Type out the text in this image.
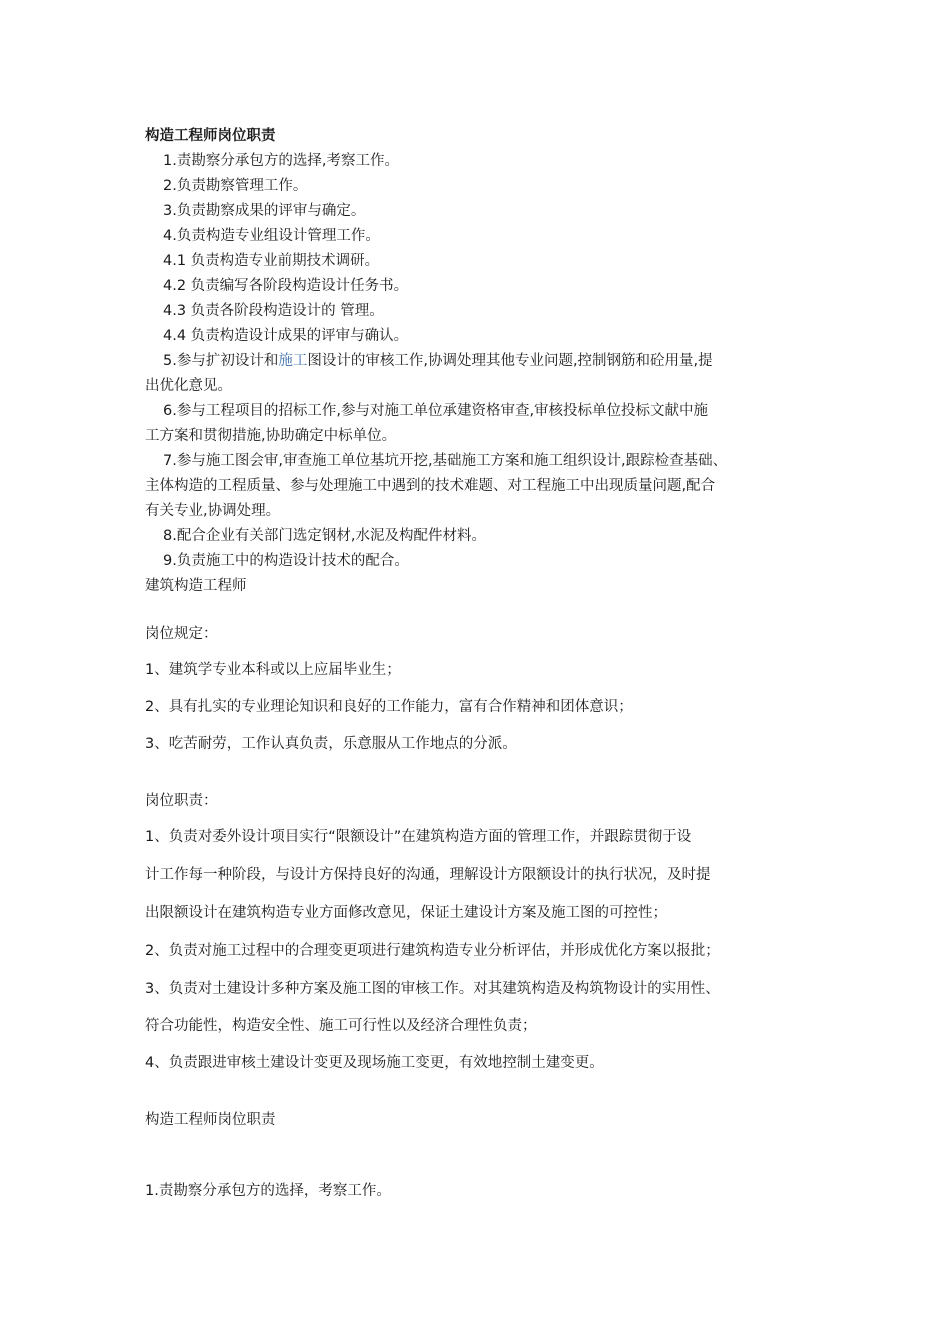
构造工程师岗位职责
1.责勘察分承包方的选择,考察工作。
2.负责勘察管理工作。
3.负责勘察成果的评审与确定。
4.负责构造专业组设计管理工作。
4.1 负责构造专业前期技术调研。
4.2 负责编写各阶段构造设计任务书。
4.3 负责各阶段构造设计的 管理。
4.4 负责构造设计成果的评审与确认。
5.参与扩初设计和施工图设计的审核工作,协调处理其他专业问题,控制钢筋和砼用量,提
出优化意见。
6.参与工程项目的招标工作,参与对施工单位承建资格审查,审核投标单位投标文献中施
工方案和贯彻措施,协助确定中标单位。
7.参与施工图会审,审查施工单位基坑开挖,基础施工方案和施工组织设计,跟踪检查基础、
主体构造的工程质量、参与处理施工中遇到的技术难题、对工程施工中出现质量问题,配合
有关专业,协调处理。
8.配合企业有关部门选定钢材,水泥及构配件材料。
9.负责施工中的构造设计技术的配合。
建筑构造工程师
岗位规定：
1、建筑学专业本科或以上应届毕业生；
2、具有扎实的专业理论知识和良好的工作能力，富有合作精神和团体意识；
3、吃苦耐劳，工作认真负责，乐意服从工作地点的分派。
岗位职责：
1、负责对委外设计项目实行“限额设计”在建筑构造方面的管理工作，并跟踪贯彻于设
计工作每一种阶段，与设计方保持良好的沟通，理解设计方限额设计的执行状况，及时提
出限额设计在建筑构造专业方面修改意见，保证土建设计方案及施工图的可控性；
2、负责对施工过程中的合理变更项进行建筑构造专业分析评估，并形成优化方案以报批；
3、负责对土建设计多种方案及施工图的审核工作。对其建筑构造及构筑物设计的实用性、
符合功能性，构造安全性、施工可行性以及经济合理性负责；
4、负责跟进审核土建设计变更及现场施工变更，有效地控制土建变更。
构造工程师岗位职责
1.责勘察分承包方的选择，考察工作。
